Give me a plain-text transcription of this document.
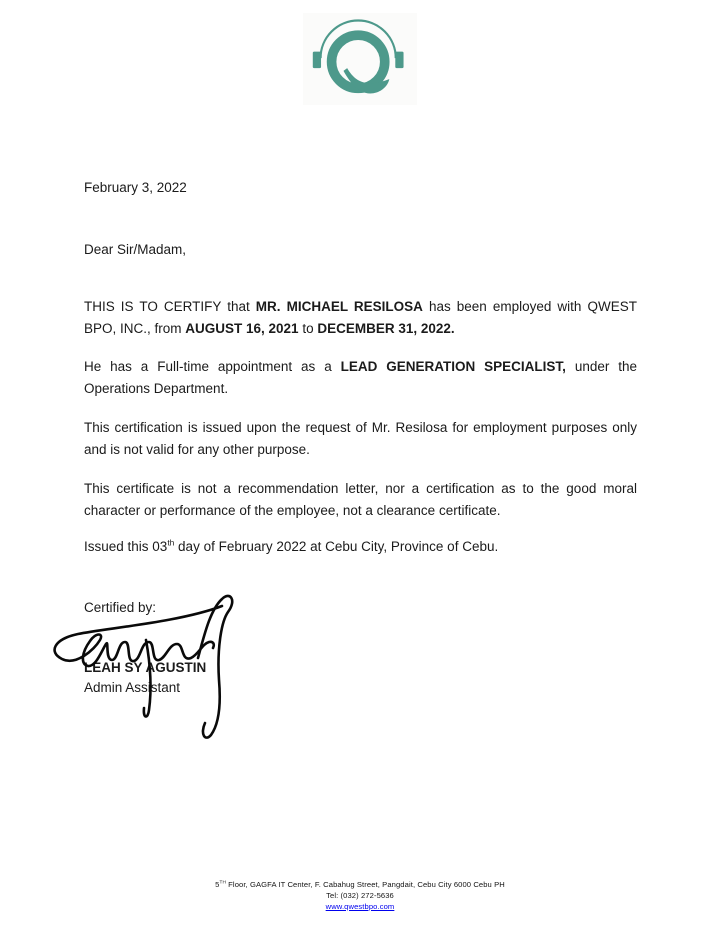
February 3, 2022

Dear Sir/Madam,

THIS IS TO CERTIFY that MR. MICHAEL RESILOSA has been employed with QWEST BPO, INC., from AUGUST 16, 2021 to DECEMBER 31, 2022.

He has a Full-time appointment as a LEAD GENERATION SPECIALIST, under the Operations Department.

This certification is issued upon the request of Mr. Resilosa for employment purposes only and is not valid for any other purpose.

This certificate is not a recommendation letter, nor a certification as to the good moral character or performance of the employee, not a clearance certificate.

Issued this 03th day of February 2022 at Cebu City, Province of Cebu.

Certified by:

LEAH SY AGUSTIN

Admin Assistant

5TH Floor, GAGFA IT Center, F. Cabahug Street, Pangdait, Cebu City 6000 Cebu PH
Tel: (032) 272-5636
www.qwestbpo.com
